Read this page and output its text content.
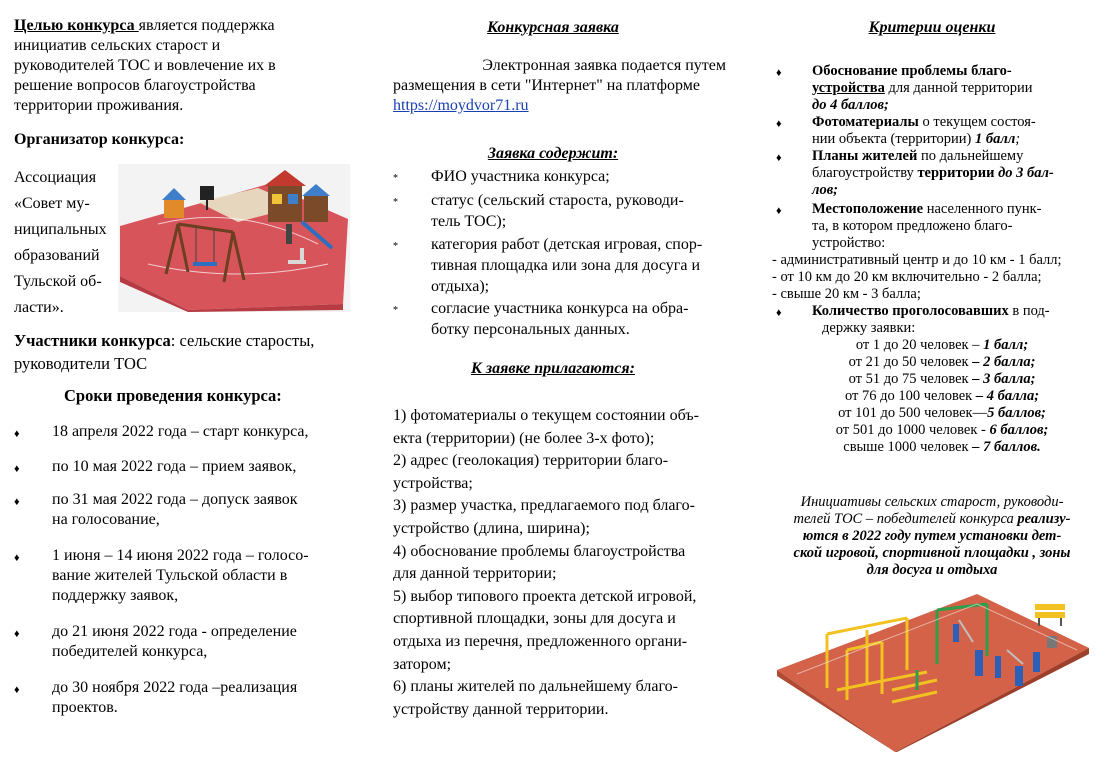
Целью конкурса является поддержка
инициатив сельских старост и
руководителей ТОС и вовлечение их в
решение вопросов благоустройства
территории проживания.

Организатор конкурса:

Ассоциация
«Совет му-
ниципальных
образований
Тульской об-
ласти».

Участники конкурса: сельские старосты,
руководители ТОС

Сроки проведения конкурса:

♦	18 апреля 2022 года – старт конкурса,
♦	по 10 мая 2022 года – прием заявок,
♦	по 31 мая 2022 года – допуск заявок
на голосование,
♦	1 июня – 14 июня 2022 года – голосо-
вание жителей Тульской области в
поддержку заявок,
♦	до 21 июня 2022 года - определение
победителей конкурса,
♦	до 30 ноября 2022 года –реализация
проектов.
Конкурсная заявка
Электронная заявка подается путем
размещения в сети "Интернет" на платформе
https://moydvor71.ru
Заявка содержит:
*	ФИО участника конкурса;
*	статус (сельский староста, руководи-
тель ТОС);
*	категория работ (детская игровая, спор-
тивная площадка или зона для досуга и
отдыха);
*	согласие участника конкурса на обра-
ботку персональных данных.
К заявке прилагаются:
1) фотоматериалы о текущем состоянии объ-
екта (территории) (не более 3-х фото);
2) адрес (геолокация) территории благо-
устройства;
3) размер участка, предлагаемого под благо-
устройство (длина, ширина);
4) обоснование проблемы благоустройства
для данной территории;
5) выбор типового проекта детской игровой,
спортивной площадки, зоны для досуга и
отдыха из перечня, предложенного органи-
затором;
6) планы жителей по дальнейшему благо-
устройству данной территории.
Критерии оценки
♦	Обоснование проблемы благо-
устройства для данной территории
до 4 баллов;
♦	Фотоматериалы о текущем состоя-
нии объекта (территории) 1 балл;
♦	Планы жителей по дальнейшему
благоустройству территории до 3 бал-
лов;
♦	Местоположение населенного пунк-
та, в котором предложено благо-
устройство:
- административный центр и до 10 км - 1 балл;
- от 10 км до 20 км включительно - 2 балла;
- свыше 20 км - 3 балла;
♦	Количество проголосовавших в под-
держку заявки:
от 1 до 20 человек – 1 балл;
от 21 до 50 человек – 2 балла;
от 51 до 75 человек – 3 балла;
от 76 до 100 человек – 4 балла;
от 101 до 500 человек—5 баллов;
от 501 до 1000 человек - 6 баллов;
свыше 1000 человек – 7 баллов.
Инициативы сельских старост, руководи-
телей ТОС – победителей конкурса реализу-
ются в 2022 году путем установки дет-
ской игровой, спортивной площадки , зоны
для досуга и отдыха
